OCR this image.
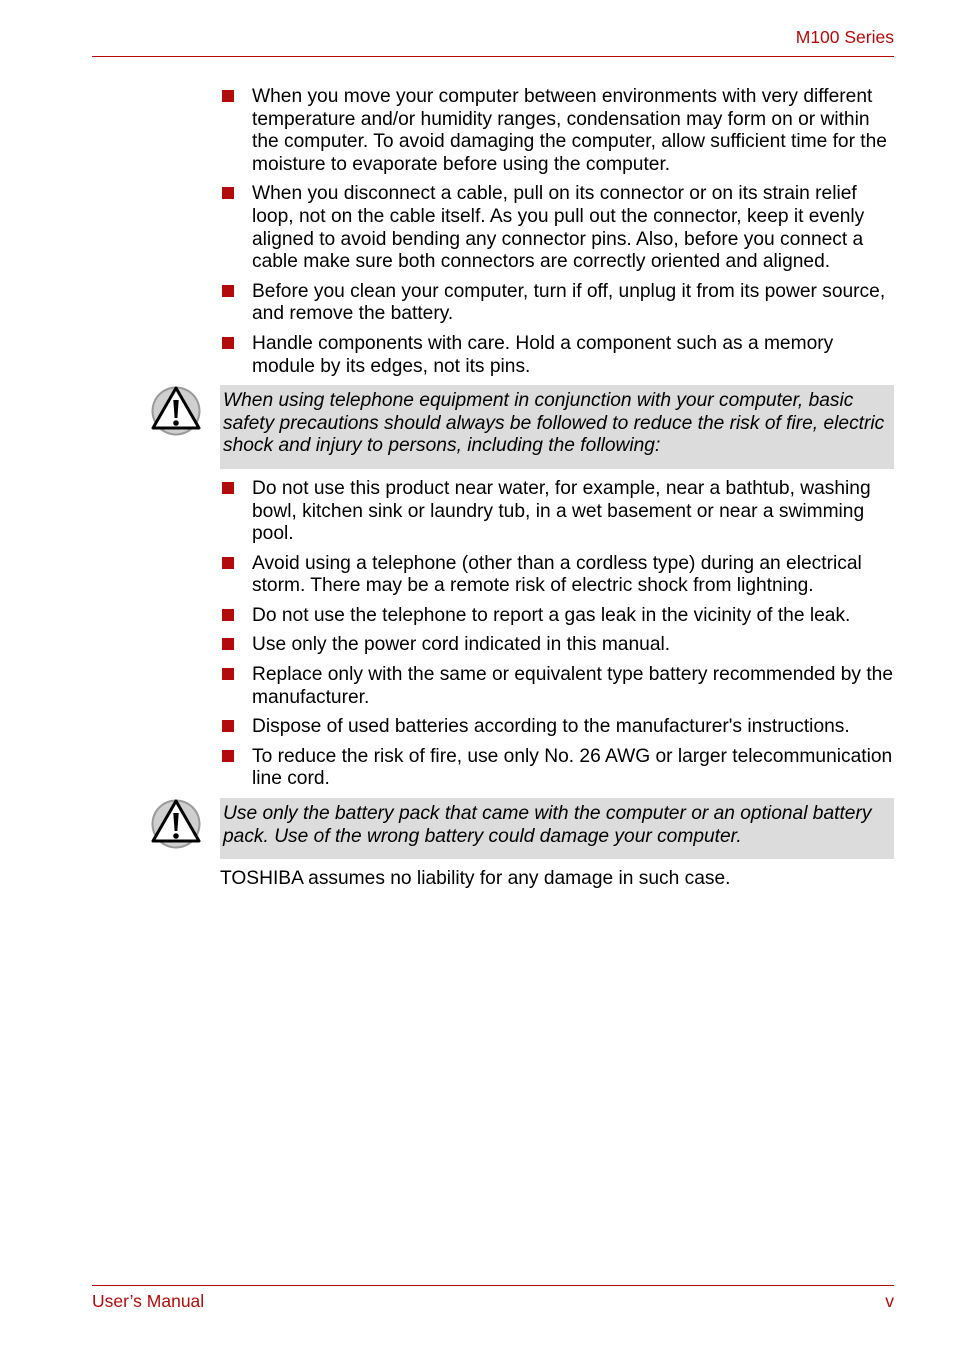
M100 Series
When you move your computer between environments with very different temperature and/or humidity ranges, condensation may form on or within the computer. To avoid damaging the computer, allow sufficient time for the moisture to evaporate before using the computer.
When you disconnect a cable, pull on its connector or on its strain relief loop, not on the cable itself. As you pull out the connector, keep it evenly aligned to avoid bending any connector pins. Also, before you connect a cable make sure both connectors are correctly oriented and aligned.
Before you clean your computer, turn if off, unplug it from its power source, and remove the battery.
Handle components with care. Hold a component such as a memory module by its edges, not its pins.
When using telephone equipment in conjunction with your computer, basic safety precautions should always be followed to reduce the risk of fire, electric shock and injury to persons, including the following:
Do not use this product near water, for example, near a bathtub, washing bowl, kitchen sink or laundry tub, in a wet basement or near a swimming pool.
Avoid using a telephone (other than a cordless type) during an electrical storm. There may be a remote risk of electric shock from lightning.
Do not use the telephone to report a gas leak in the vicinity of the leak.
Use only the power cord indicated in this manual.
Replace only with the same or equivalent type battery recommended by the manufacturer.
Dispose of used batteries according to the manufacturer's instructions.
To reduce the risk of fire, use only No. 26 AWG or larger telecommunication line cord.
Use only the battery pack that came with the computer or an optional battery pack. Use of the wrong battery could damage your computer.

TOSHIBA assumes no liability for any damage in such case.

User’s Manual	v
